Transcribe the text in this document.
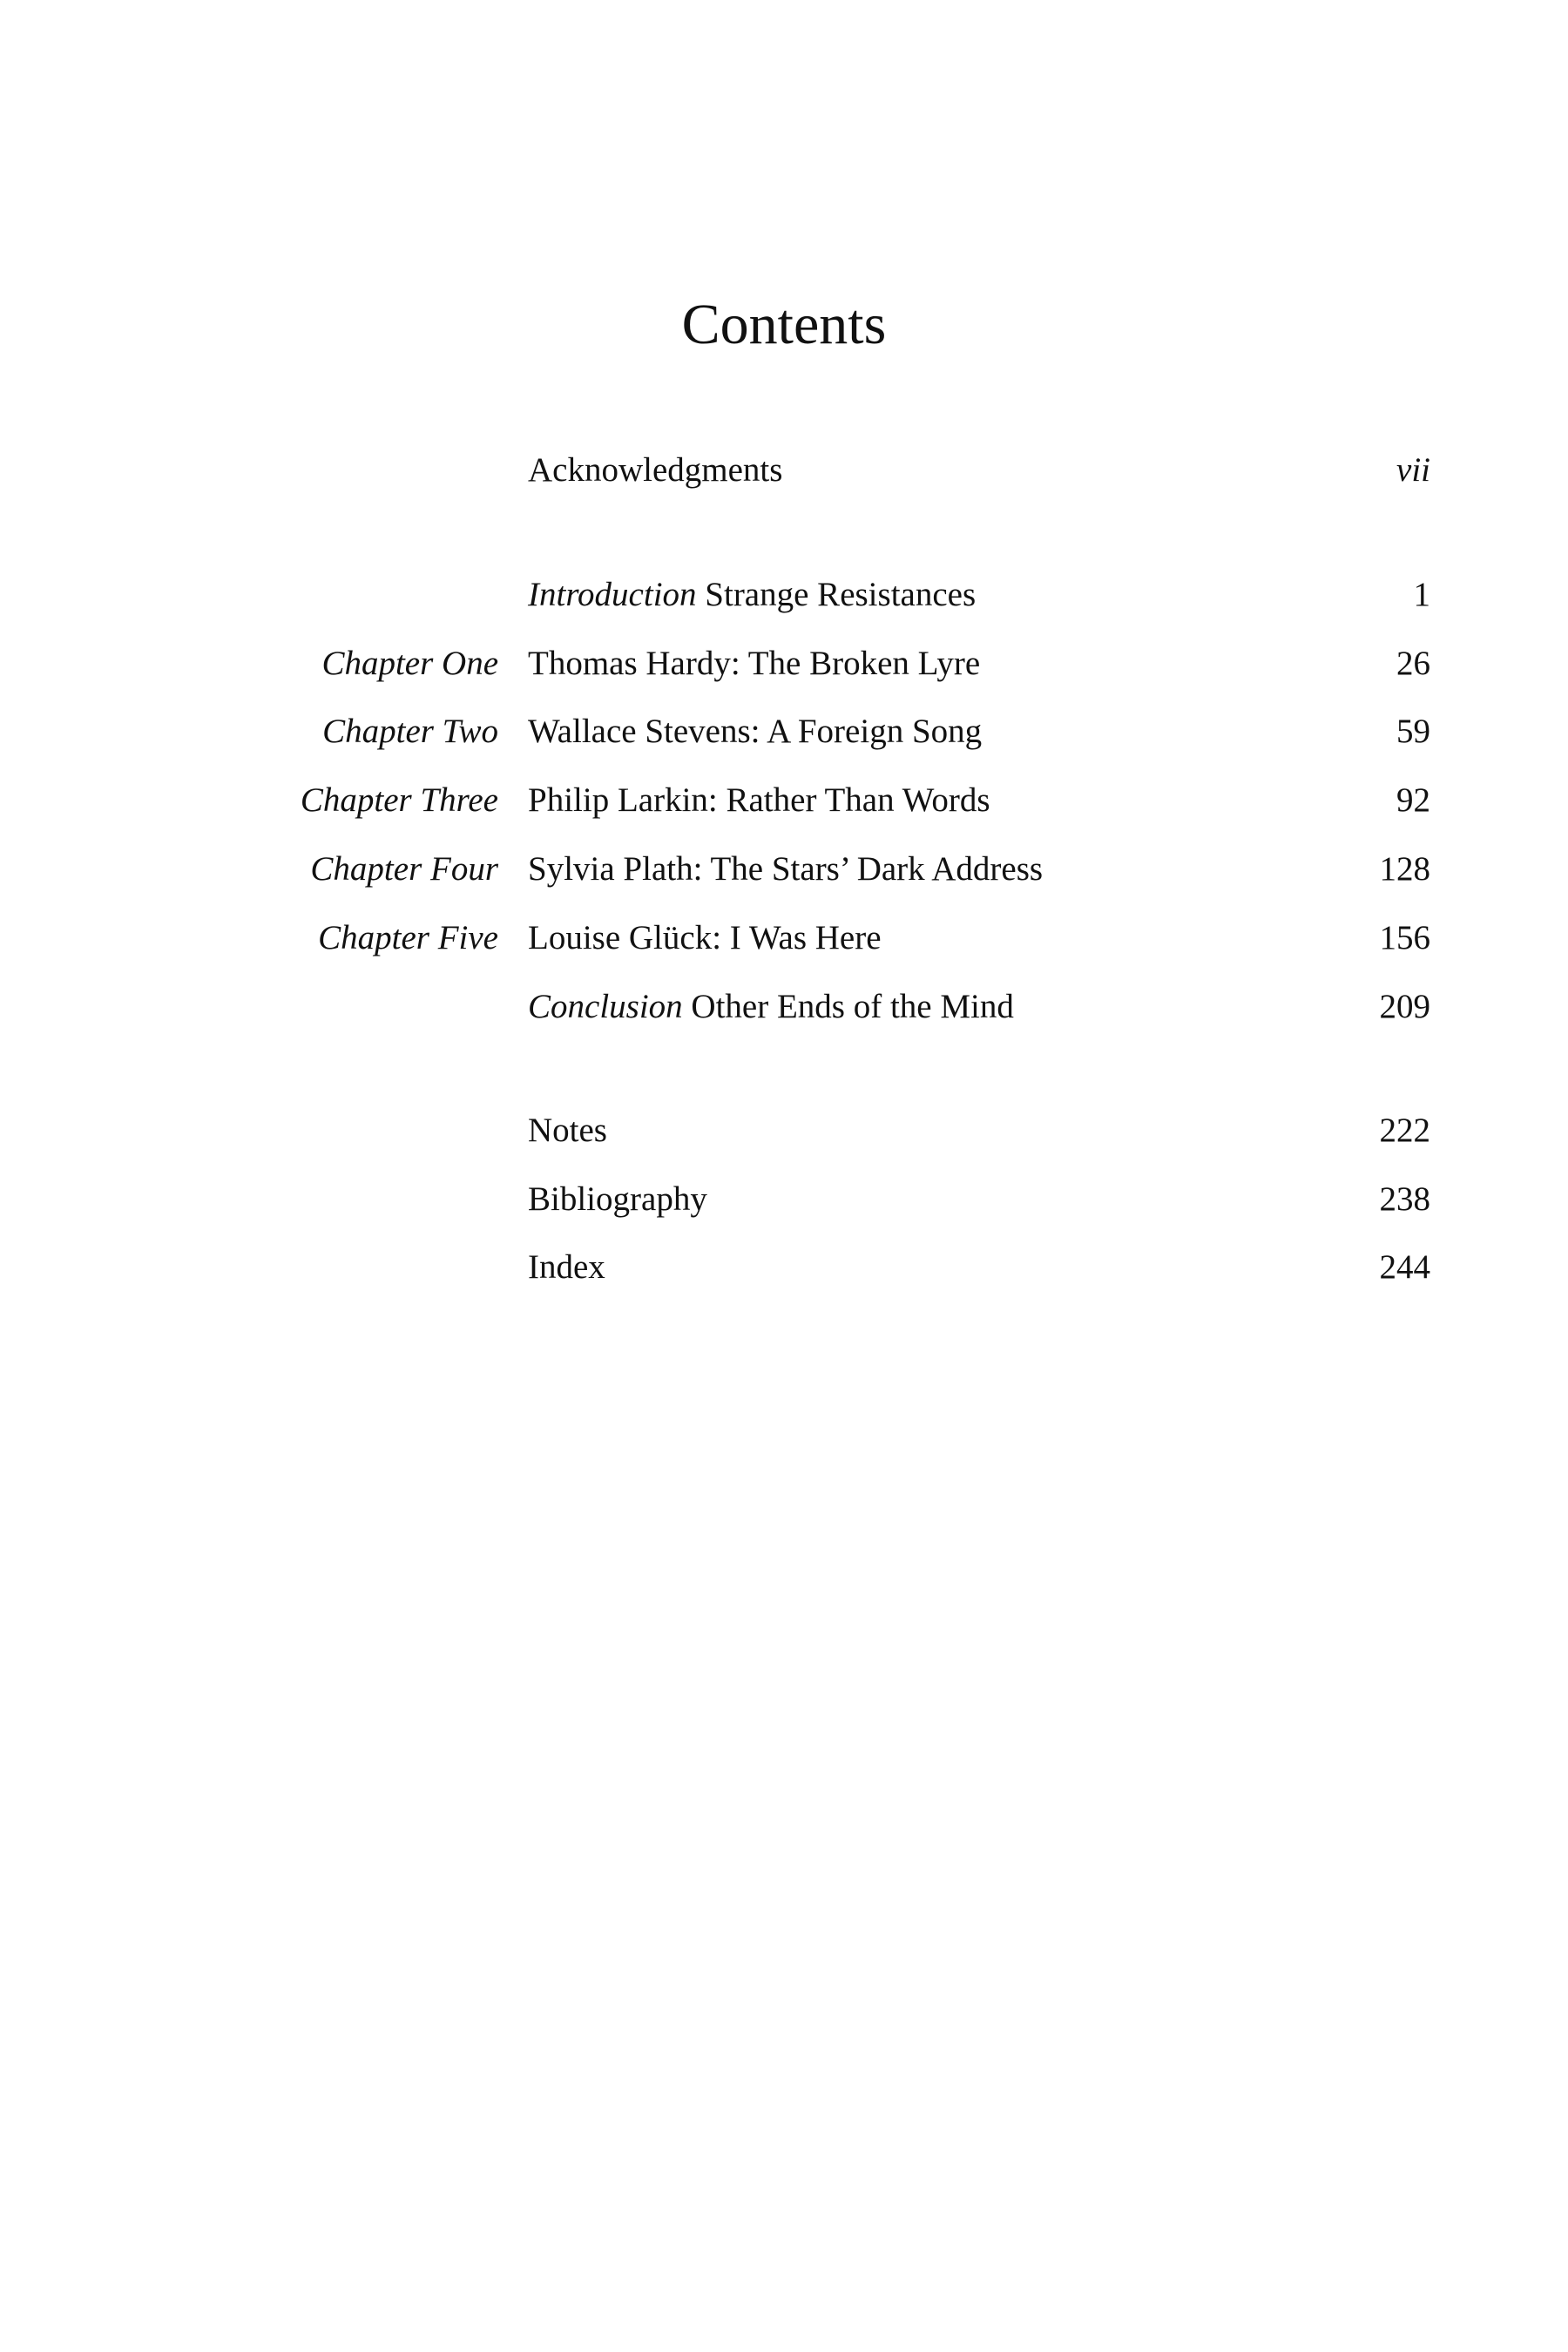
Contents
Acknowledgments	vii
Introduction Strange Resistances	1
Chapter One Thomas Hardy: The Broken Lyre	26
Chapter Two Wallace Stevens: A Foreign Song	59
Chapter Three Philip Larkin: Rather Than Words	92
Chapter Four Sylvia Plath: The Stars’ Dark Address	128
Chapter Five Louise Glück: I Was Here	156
Conclusion Other Ends of the Mind	209
Notes	222
Bibliography	238
Index	244
